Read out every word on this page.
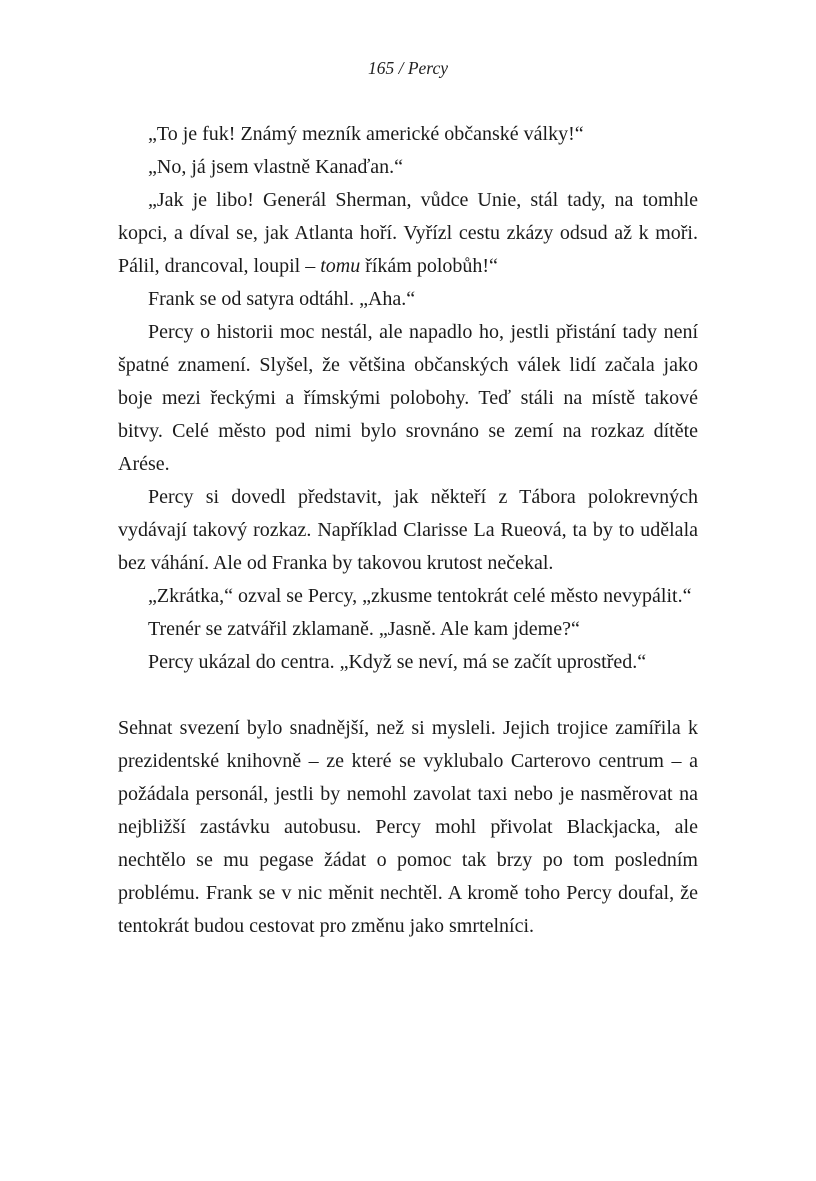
165 / Percy

„To je fuk! Známý mezník americké občanské války!“

„No, já jsem vlastně Kanaďan.“

„Jak je libo! Generál Sherman, vůdce Unie, stál tady, na tomhle kopci, a díval se, jak Atlanta hoří. Vyřízl cestu zkázy odsud až k moři. Pálil, drancoval, loupil – tomu říkám polobůh!“

Frank se od satyra odtáhl. „Aha.“

Percy o historii moc nestál, ale napadlo ho, jestli přistání tady není špatné znamení. Slyšel, že většina občanských válek lidí začala jako boje mezi řeckými a římskými polobohy. Teď stáli na místě takové bitvy. Celé město pod nimi bylo srovnáno se zemí na rozkaz dítěte Arése.

Percy si dovedl představit, jak někteří z Tábora polokrevných vydávají takový rozkaz. Například Clarisse La Rueová, ta by to udělala bez váhání. Ale od Franka by takovou krutost nečekal.

„Zkrátka,“ ozval se Percy, „zkusme tentokrát celé město nevypálit.“

Trenér se zatvářil zklamaně. „Jasně. Ale kam jdeme?“

Percy ukázal do centra. „Když se neví, má se začít uprostřed.“

Sehnat svezení bylo snadnější, než si mysleli. Jejich trojice zamířila k prezidentské knihovně – ze které se vyklubalo Carterovo centrum – a požádala personál, jestli by nemohl zavolat taxi nebo je nasměrovat na nejbližší zastávku autobusu. Percy mohl přivolat Blackjacka, ale nechtělo se mu pegase žádat o pomoc tak brzy po tom posledním problému. Frank se v nic měnit nechtěl. A kromě toho Percy doufal, že tentokrát budou cestovat pro změnu jako smrtelníci.
